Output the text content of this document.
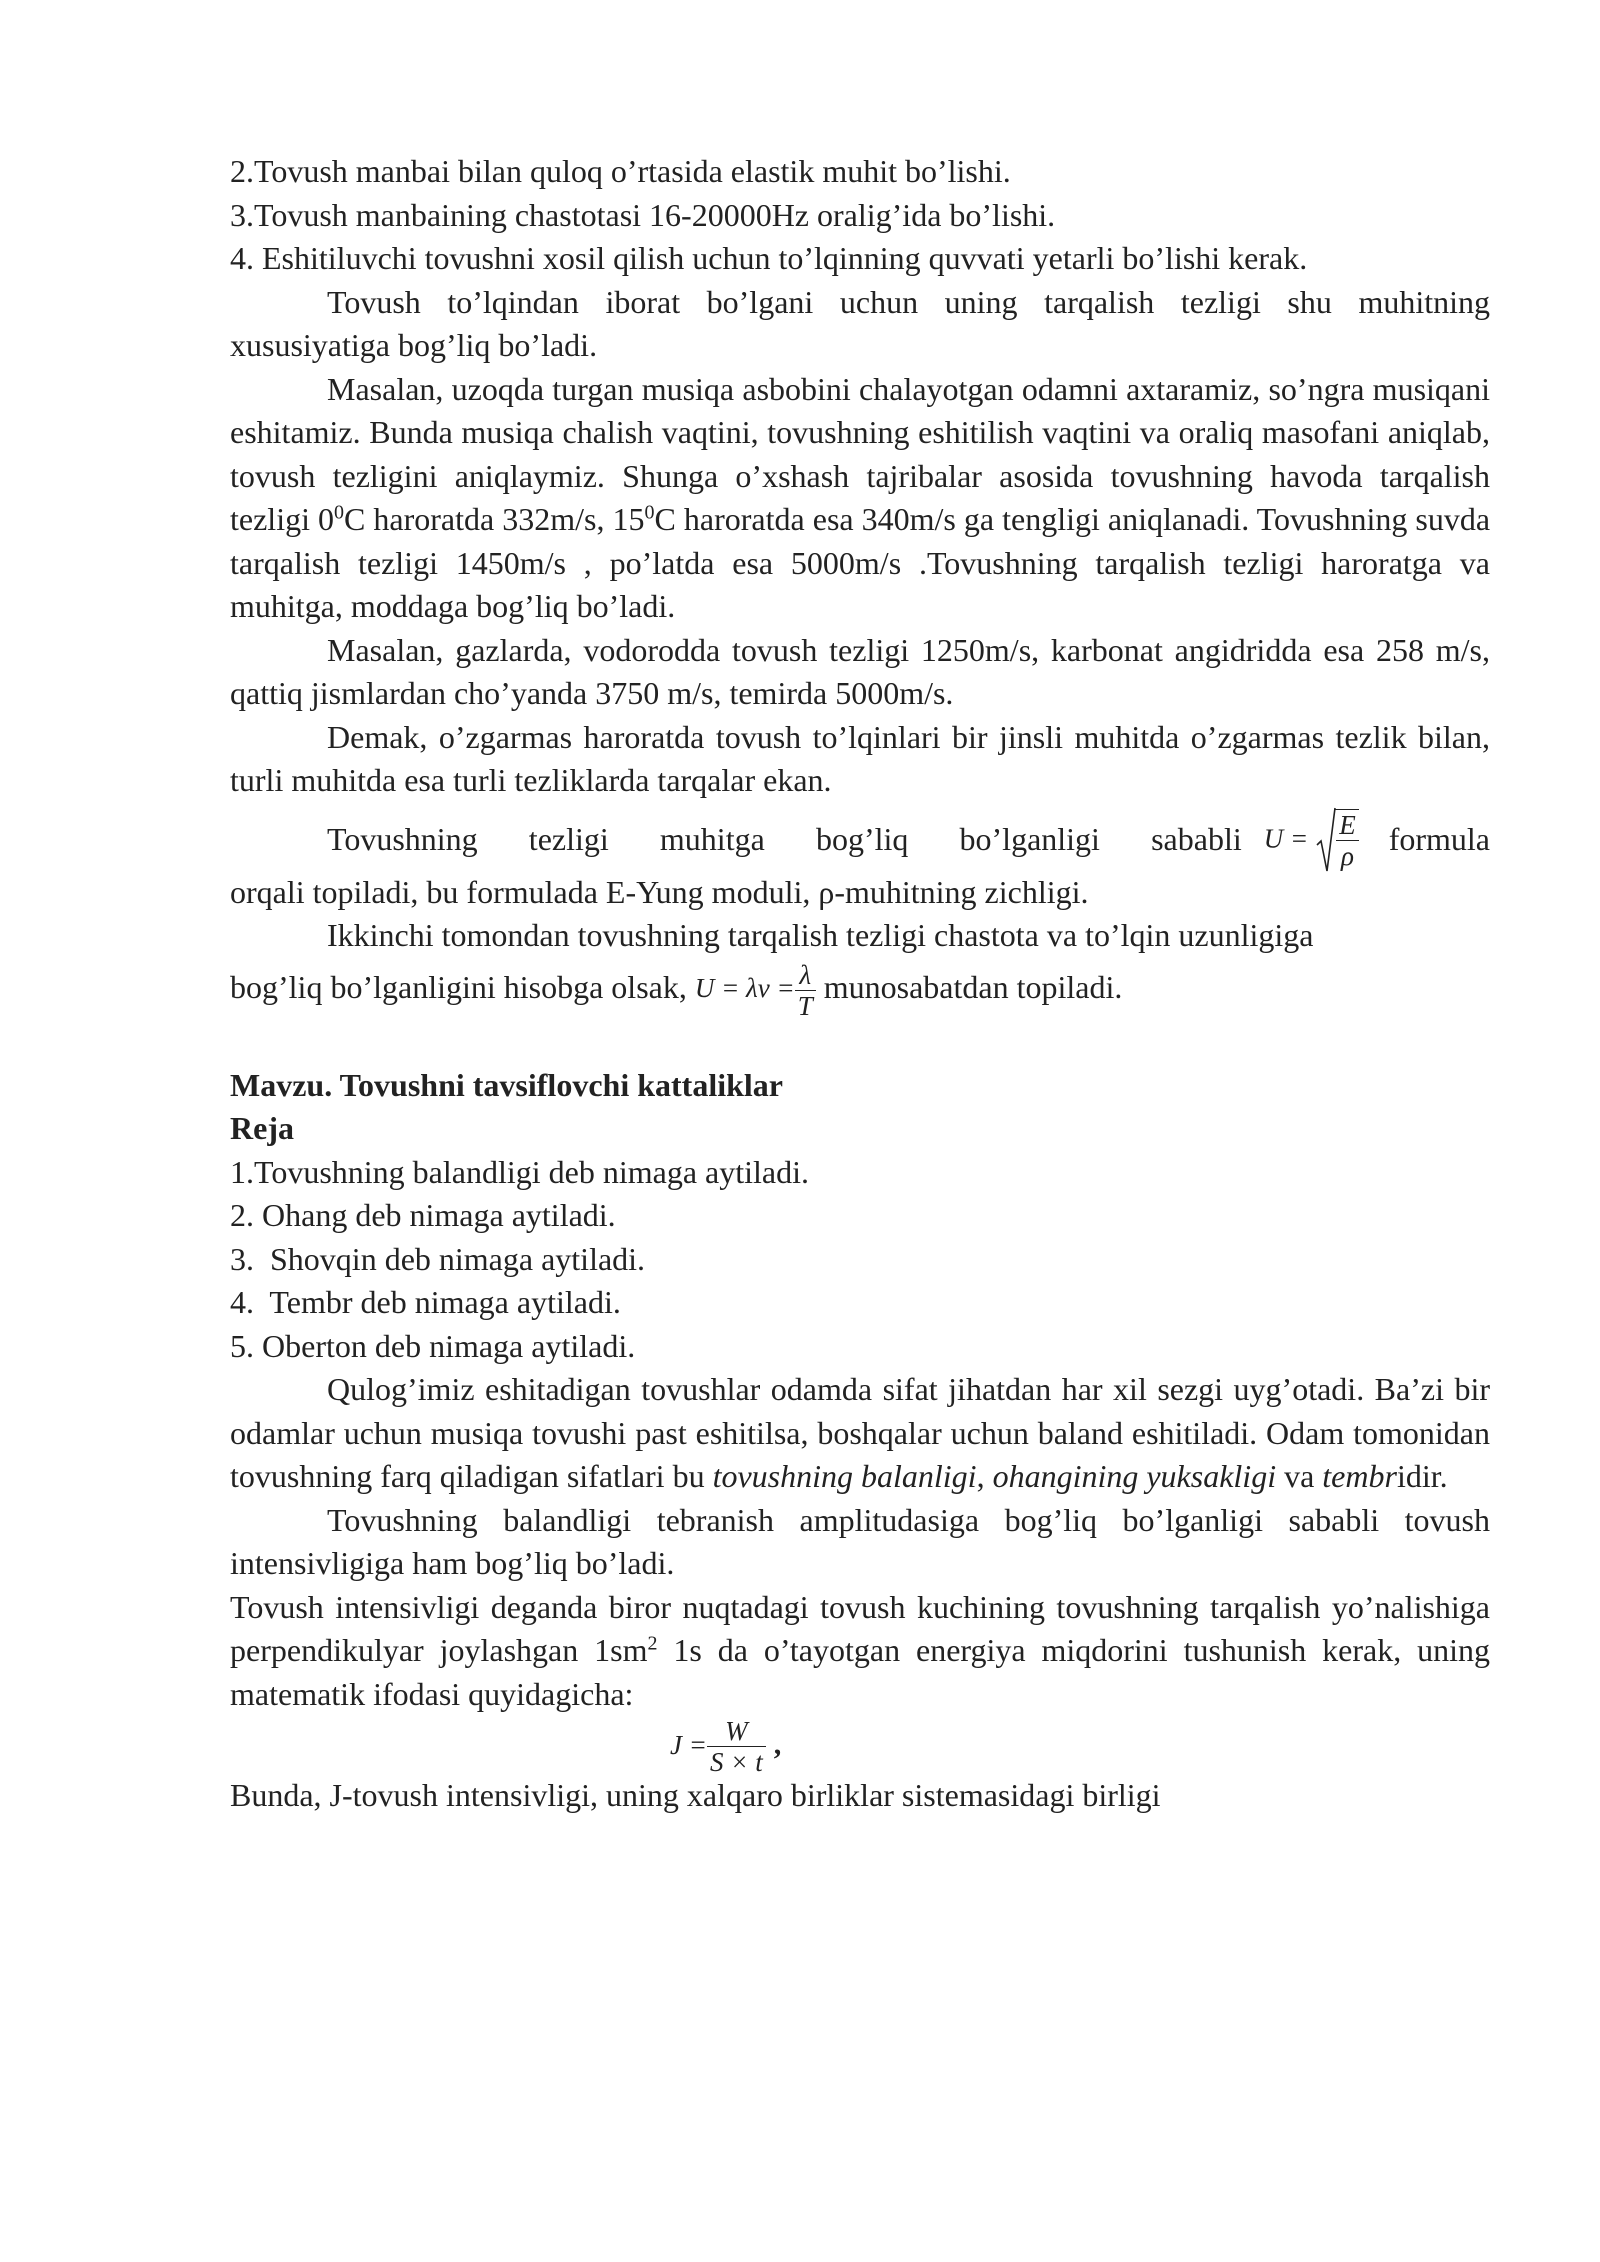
2.Tovush manbai bilan quloq o’rtasida elastik muhit bo’lishi.

3.Tovush manbaining chastotasi 16-20000Hz oralig’ida bo’lishi.

4. Eshitiluvchi tovushni xosil qilish uchun to’lqinning quvvati yetarli bo’lishi kerak.

Tovush to’lqindan iborat bo’lgani uchun uning tarqalish tezligi shu muhitning xususiyatiga bog’liq bo’ladi.

Masalan, uzoqda turgan musiqa asbobini chalayotgan odamni axtaramiz, so’ngra musiqani eshitamiz. Bunda musiqa chalish vaqtini, tovushning eshitilish vaqtini va oraliq masofani aniqlab, tovush tezligini aniqlaymiz. Shunga o’xshash tajribalar asosida tovushning havoda tarqalish tezligi $0^0C$ haroratda 332m/s, $15^0C$ haroratda esa 340m/s ga tengligi aniqlanadi. Tovushning suvda tarqalish tezligi 1450m/s , po’latda esa 5000m/s .Tovushning tarqalish tezligi haroratga va muhitga, moddaga bog’liq bo’ladi.

Masalan, gazlarda, vodorodda tovush tezligi 1250m/s, karbonat angidridda esa 258 m/s, qattiq jismlardan cho’yanda 3750 m/s, temirda 5000m/s.

Demak, o’zgarmas haroratda tovush to’lqinlari bir jinsli muhitda o’zgarmas tezlik bilan, turli muhitda esa turli tezliklarda tarqalar ekan.

Tovushning tezligi muhitga bog’liq bo’lganligi sababli $U = \frac{E}{\rho}$ formula

orqali topiladi, bu formulada E-Yung moduli, ρ-muhitning zichligi.

Ikkinchi tomondan tovushning tarqalish tezligi chastota va to’lqin uzunligiga

bog’liq bo’lganligini hisobga olsak, $U = \lambda\nu = \frac{\lambda}{T}$ munosabatdan topiladi.

Mavzu. Tovushni tavsiflovchi kattaliklar

Reja

1.Tovushning balandligi deb nimaga aytiladi.

2. Ohang deb nimaga aytiladi.

3.  Shovqin deb nimaga aytiladi.

4.  Tembr deb nimaga aytiladi.

5. Oberton deb nimaga aytiladi.

Qulog’imiz eshitadigan tovushlar odamda sifat jihatdan har xil sezgi uyg’otadi. Ba’zi bir odamlar uchun musiqa tovushi past eshitilsa, boshqalar uchun baland eshitiladi. Odam tomonidan tovushning farq qiladigan sifatlari bu tovushning balanligi, ohangining yuksakligi va tembridir.

Tovushning balandligi tebranish amplitudasiga bog’liq bo’lganligi sababli tovush intensivligiga ham bog’liq bo’ladi.

Tovush intensivligi deganda biror nuqtadagi tovush kuchining tovushning tarqalish yo’nalishiga perpendikulyar joylashgan $1sm^2$ 1s da o’tayotgan energiya miqdorini tushunish kerak, uning matematik ifodasi quyidagicha:

$J = \frac{W}{S \times t}$ ,

Bunda, J-tovush intensivligi, uning xalqaro birliklar sistemasidagi birligi
